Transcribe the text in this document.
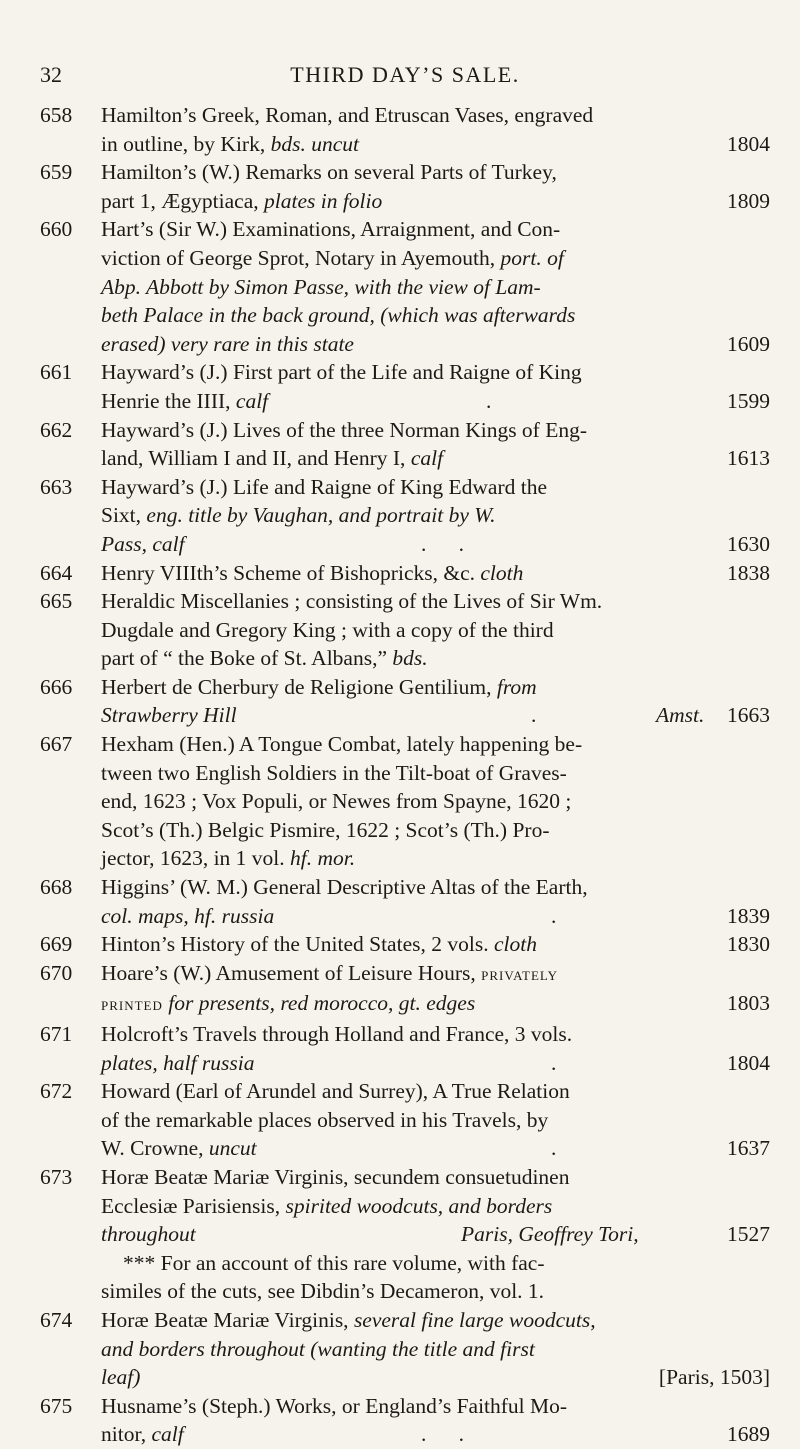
32	THIRD DAY’S SALE.
658 Hamilton’s Greek, Roman, and Etruscan Vases, engraved
in outline, by Kirk, bds. uncut	1804
659 Hamilton’s (W.) Remarks on several Parts of Turkey,
part 1, Ægyptiaca, plates in folio	1809
660 Hart’s (Sir W.) Examinations, Arraignment, and Con-
viction of George Sprot, Notary in Ayemouth, port. of
Abp. Abbott by Simon Passe, with the view of Lam-
beth Palace in the back ground, (which was afterwards
erased) very rare in this state	1609
661 Hayward’s (J.) First part of the Life and Raigne of King
Henrie the IIII, calf	.	1599
662 Hayward’s (J.) Lives of the three Norman Kings of Eng-
land, William I and II, and Henry I, calf	1613
663 Hayward’s (J.) Life and Raigne of King Edward the
Sixt, eng. title by Vaughan, and portrait by W.
Pass, calf	.      .	1630
664 Henry VIIIth’s Scheme of Bishopricks, &c. cloth	1838
665 Heraldic Miscellanies ; consisting of the Lives of Sir Wm.
Dugdale and Gregory King ; with a copy of the third
part of “ the Boke of St. Albans,” bds.
666 Herbert de Cherbury de Religione Gentilium, from
Strawberry Hill	.	Amst. 1663
667 Hexham (Hen.) A Tongue Combat, lately happening be-
tween two English Soldiers in the Tilt-boat of Graves-
end, 1623 ; Vox Populi, or Newes from Spayne, 1620 ;
Scot’s (Th.) Belgic Pismire, 1622 ; Scot’s (Th.) Pro-
jector, 1623, in 1 vol. hf. mor.
668 Higgins’ (W. M.) General Descriptive Altas of the Earth,
col. maps, hf. russia	.	1839
669 Hinton’s History of the United States, 2 vols. cloth	1830
670 Hoare’s (W.) Amusement of Leisure Hours, privately
printed for presents, red morocco, gt. edges	1803
671 Holcroft’s Travels through Holland and France, 3 vols.
plates, half russia	.	1804
672 Howard (Earl of Arundel and Surrey), A True Relation
of the remarkable places observed in his Travels, by
W. Crowne, uncut	.	1637
673 Horæ Beatæ Mariæ Virginis, secundem consuetudinen
Ecclesiæ Parisiensis, spirited woodcuts, and borders
throughout	Paris, Geoffrey Tori,	1527
*** For an account of this rare volume, with fac-
similes of the cuts, see Dibdin’s Decameron, vol. 1.
674 Horæ Beatæ Mariæ Virginis, several fine large woodcuts,
and borders throughout (wanting the title and first
leaf)	[Paris, 1503]
675 Husname’s (Steph.) Works, or England’s Faithful Mo-
nitor, calf	.      .	1689
